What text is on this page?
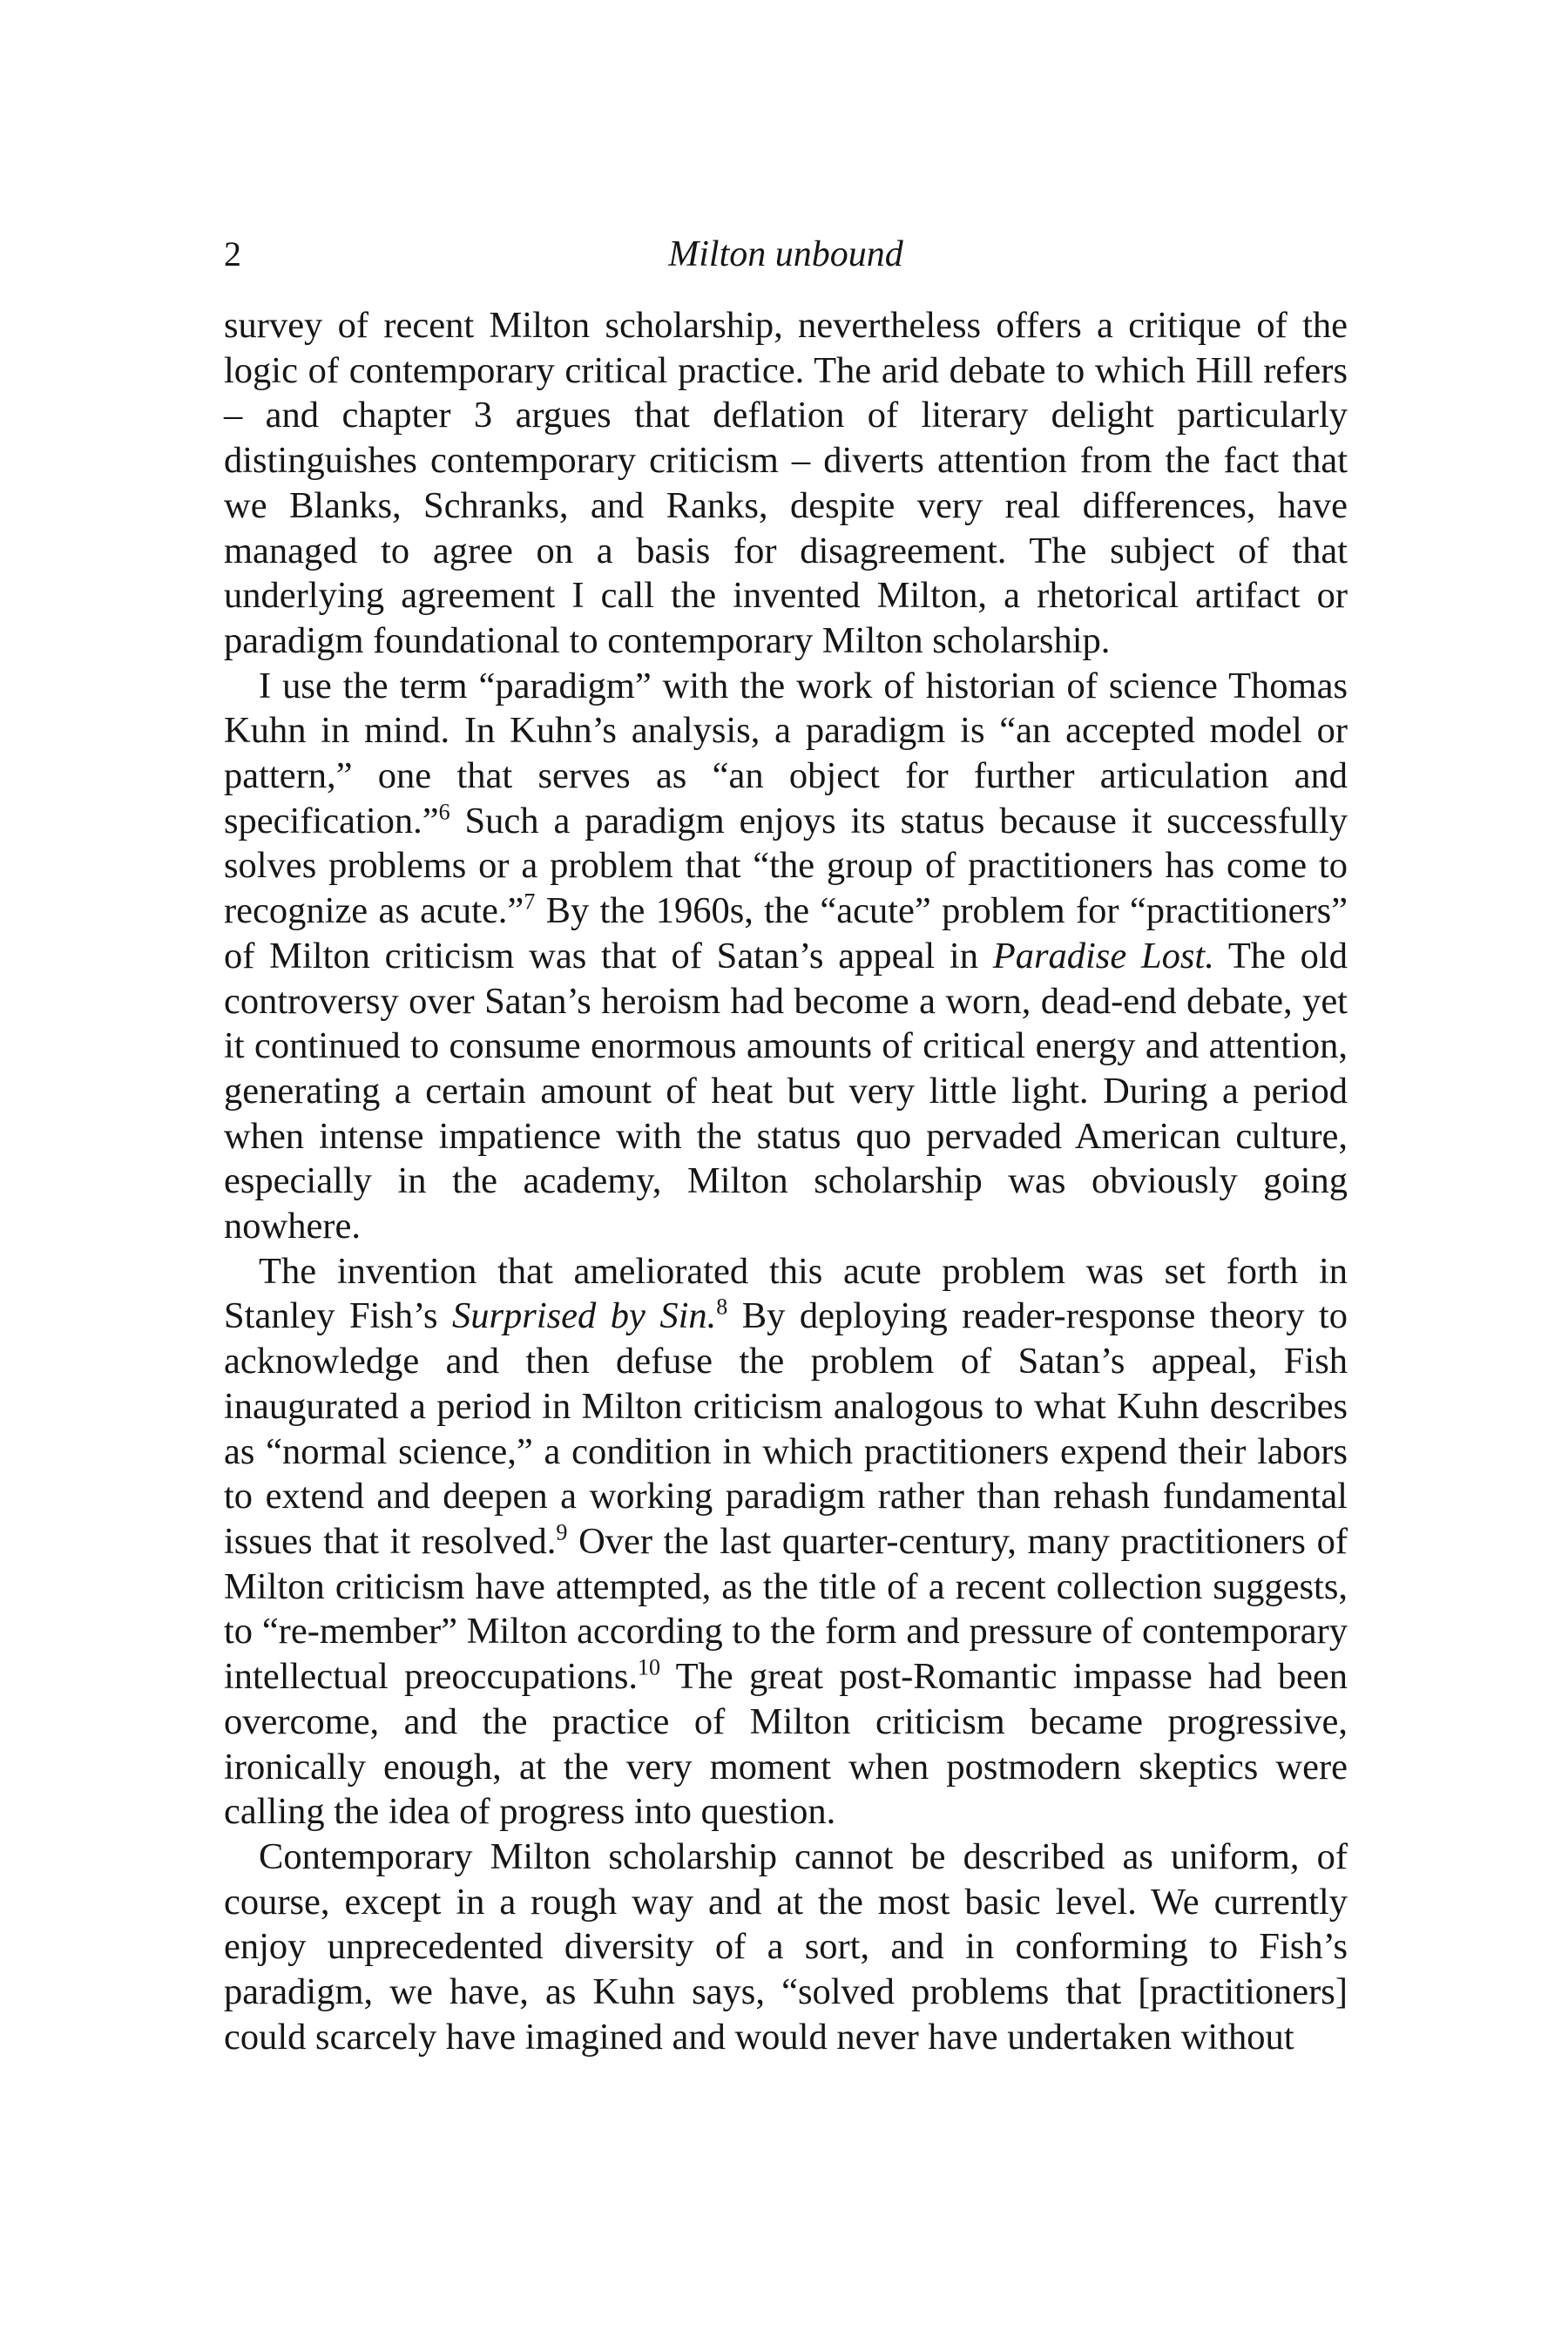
2	Milton unbound

survey of recent Milton scholarship, nevertheless offers a critique of the logic of contemporary critical practice. The arid debate to which Hill refers – and chapter 3 argues that deflation of literary delight particularly distinguishes contemporary criticism – diverts attention from the fact that we Blanks, Schranks, and Ranks, despite very real differences, have managed to agree on a basis for disagreement. The subject of that underlying agreement I call the invented Milton, a rhetorical artifact or paradigm foundational to contemporary Milton scholarship.

I use the term “paradigm” with the work of historian of science Thomas Kuhn in mind. In Kuhn’s analysis, a paradigm is “an accepted model or pattern,” one that serves as “an object for further articulation and specification.”$^6$ Such a paradigm enjoys its status because it successfully solves problems or a problem that “the group of practitioners has come to recognize as acute.”$^7$ By the 1960s, the “acute” problem for “practitioners” of Milton criticism was that of Satan’s appeal in Paradise Lost. The old controversy over Satan’s heroism had become a worn, dead-end debate, yet it continued to consume enormous amounts of critical energy and attention, generating a certain amount of heat but very little light. During a period when intense impatience with the status quo pervaded American culture, especially in the academy, Milton scholarship was obviously going nowhere.

The invention that ameliorated this acute problem was set forth in Stanley Fish’s Surprised by Sin.$^8$ By deploying reader-response theory to acknowledge and then defuse the problem of Satan’s appeal, Fish inaugurated a period in Milton criticism analogous to what Kuhn describes as “normal science,” a condition in which practitioners expend their labors to extend and deepen a working paradigm rather than rehash fundamental issues that it resolved.$^9$ Over the last quarter-century, many practitioners of Milton criticism have attempted, as the title of a recent collection suggests, to “re-member” Milton according to the form and pressure of contemporary intellectual preoccupations.$^{10}$ The great post-Romantic impasse had been overcome, and the practice of Milton criticism became progressive, ironically enough, at the very moment when postmodern skeptics were calling the idea of progress into question.

Contemporary Milton scholarship cannot be described as uniform, of course, except in a rough way and at the most basic level. We currently enjoy unprecedented diversity of a sort, and in conforming to Fish’s paradigm, we have, as Kuhn says, “solved problems that [practitioners] could scarcely have imagined and would never have undertaken without
